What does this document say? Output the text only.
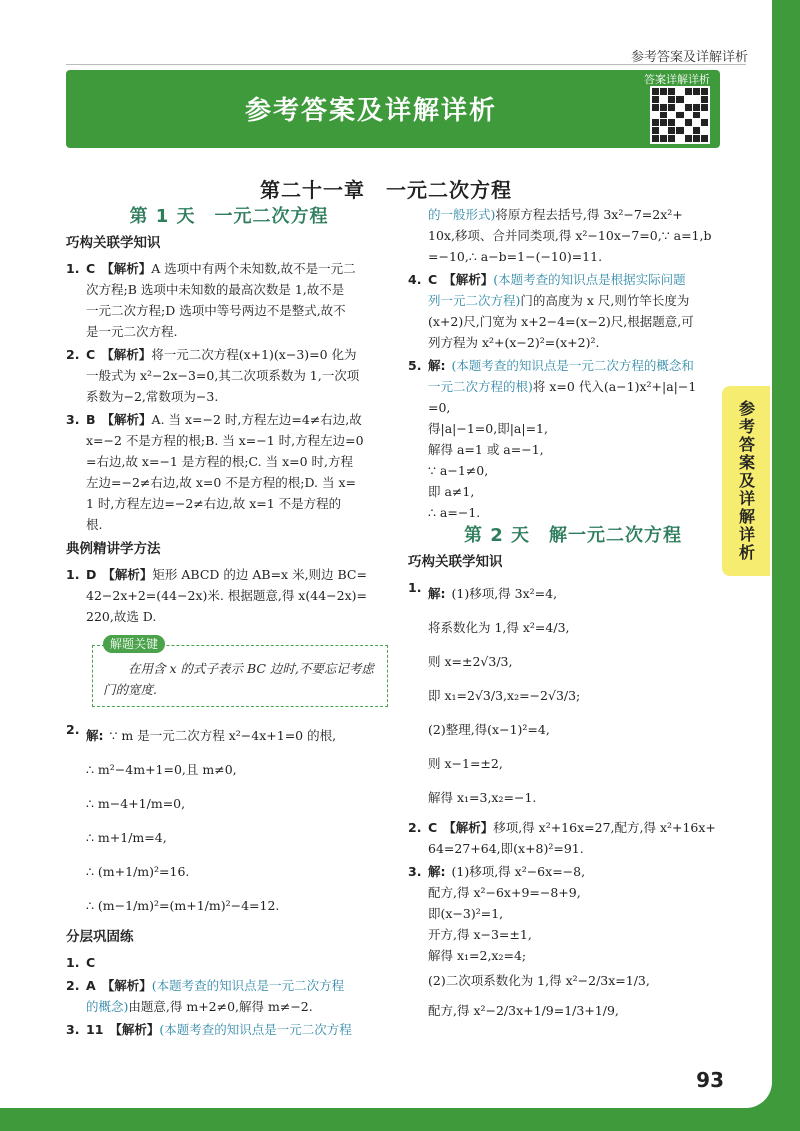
参考答案及详解详析
参考答案及详解详析
答案详解详析
第二十一章　一元二次方程
第 1 天　一元二次方程
巧构关联学知识
1. C 【解析】A 选项中有两个未知数,故不是一元二
次方程;B 选项中未知数的最高次数是 1,故不是
一元二次方程;D 选项中等号两边不是整式,故不
是一元二次方程.
2. C 【解析】将一元二次方程(x+1)(x−3)=0 化为
一般式为 x²−2x−3=0,其二次项系数为 1,一次项
系数为−2,常数项为−3.
3. B 【解析】A. 当 x=−2 时,方程左边=4≠右边,故
x=−2 不是方程的根;B. 当 x=−1 时,方程左边=0
=右边,故 x=−1 是方程的根;C. 当 x=0 时,方程
左边=−2≠右边,故 x=0 不是方程的根;D. 当 x=
1 时,方程左边=−2≠右边,故 x=1 不是方程的
根.
典例精讲学方法
1. D 【解析】矩形 ABCD 的边 AB=x 米,则边 BC=
42−2x+2=(44−2x)米. 根据题意,得 x(44−2x)=
220,故选 D.
解题关键
在用含 x 的式子表示 BC 边时,不要忘记考虑门的宽度.
2. 解: ∵ m 是一元二次方程 x²−4x+1=0 的根,
∴ m²−4m+1=0,且 m≠0,
∴ m−4+1/m=0,
∴ m+1/m=4,
∴ (m+1/m)²=16.
∴ (m−1/m)²=(m+1/m)²−4=12.
分层巩固练
1. C
2. A 【解析】(本题考查的知识点是一元二次方程
的概念)由题意,得 m+2≠0,解得 m≠−2.
3. 11 【解析】(本题考查的知识点是一元二次方程
的一般形式)将原方程去括号,得 3x²−7=2x²+
10x,移项、合并同类项,得 x²−10x−7=0,∵ a=1,b
=−10,∴ a−b=1−(−10)=11.
4. C 【解析】(本题考查的知识点是根据实际问题
列一元二次方程)门的高度为 x 尺,则竹竿长度为
(x+2)尺,门宽为 x+2−4=(x−2)尺,根据题意,可
列方程为 x²+(x−2)²=(x+2)².
5. 解: (本题考查的知识点是一元二次方程的概念和
一元二次方程的根)将 x=0 代入(a−1)x²+|a|−1
=0,
得|a|−1=0,即|a|=1,
解得 a=1 或 a=−1,
∵ a−1≠0,
即 a≠1,
∴ a=−1.
第 2 天　解一元二次方程
巧构关联学知识
1. 解: (1)移项,得 3x²=4,
将系数化为 1,得 x²=4/3,
则 x=±2√3/3,
即 x₁=2√3/3,x₂=−2√3/3;
(2)整理,得(x−1)²=4,
则 x−1=±2,
解得 x₁=3,x₂=−1.
2. C 【解析】移项,得 x²+16x=27,配方,得 x²+16x+
64=27+64,即(x+8)²=91.
3. 解: (1)移项,得 x²−6x=−8,
配方,得 x²−6x+9=−8+9,
即(x−3)²=1,
开方,得 x−3=±1,
解得 x₁=2,x₂=4;
(2)二次项系数化为 1,得 x²−2/3x=1/3,
配方,得 x²−2/3x+1/9=1/3+1/9,
参考答案及详解详析
93
